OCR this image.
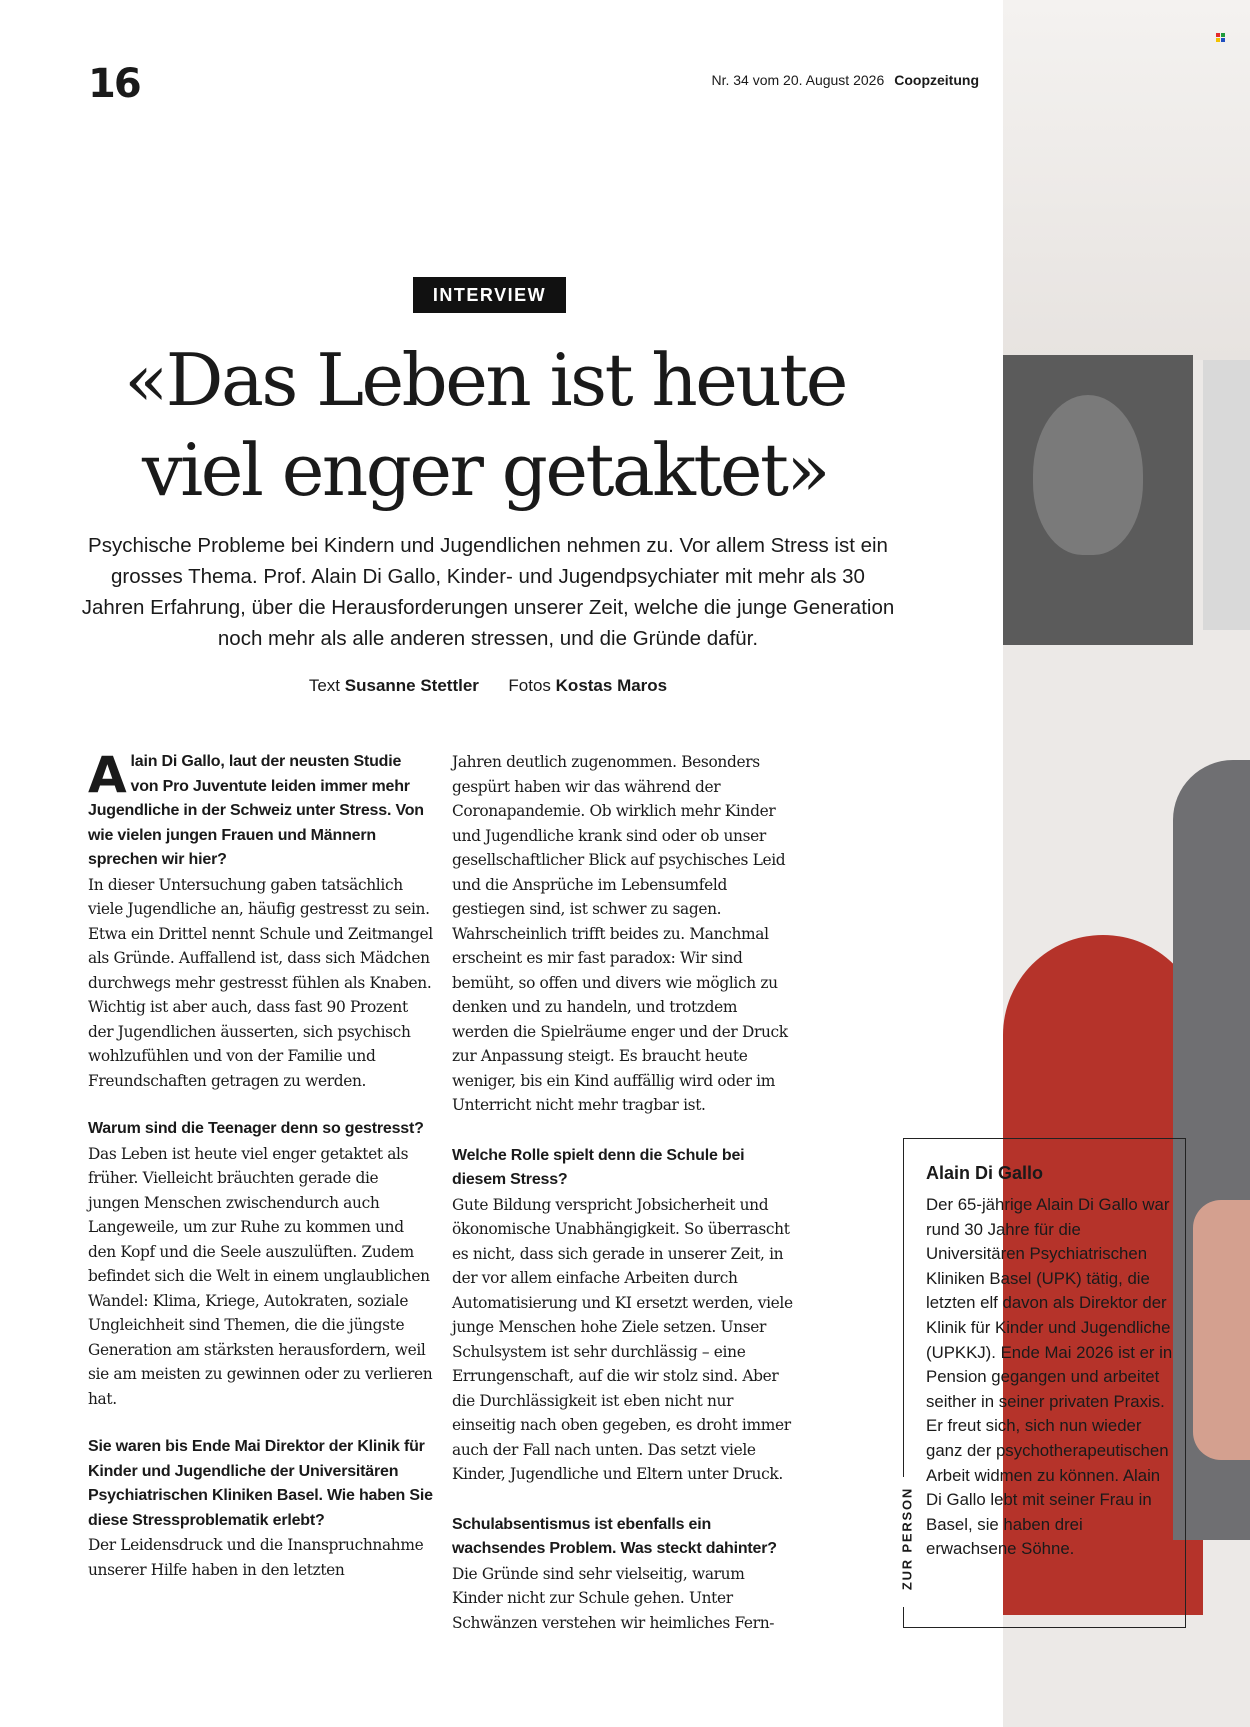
16	Nr. 34 vom 20. August 2026 Coopzeitung
INTERVIEW
«Das Leben ist heute
viel enger getaktet»

Psychische Probleme bei Kindern und Jugendlichen nehmen zu. Vor allem Stress ist ein grosses Thema. Prof. Alain Di Gallo, Kinder- und Jugendpsychiater mit mehr als 30 Jahren Erfahrung, über die Herausforderungen unserer Zeit, welche die junge Generation noch mehr als alle anderen stressen, und die Gründe dafür.

Text Susanne Stettler Fotos Kostas Maros

Alain Di Gallo, laut der neusten Studie von Pro Juventute leiden immer mehr Jugendliche in der Schweiz unter Stress. Von wie vielen jungen Frauen und Männern sprechen wir hier?

In dieser Untersuchung gaben tatsächlich viele Jugendliche an, häufig gestresst zu sein. Etwa ein Drittel nennt Schule und Zeitmangel als Gründe. Auffallend ist, dass sich Mädchen durchwegs mehr gestresst fühlen als Knaben. Wichtig ist aber auch, dass fast 90 Prozent der Jugendlichen äusserten, sich psychisch wohlzufühlen und von der Familie und Freundschaften getragen zu werden.

Warum sind die Teenager denn so gestresst?

Das Leben ist heute viel enger getaktet als früher. Vielleicht bräuchten gerade die jungen Menschen zwischendurch auch Langeweile, um zur Ruhe zu kommen und den Kopf und die Seele auszulüften. Zudem befindet sich die Welt in einem unglaublichen Wandel: Klima, Kriege, Autokraten, soziale Ungleichheit sind Themen, die die jüngste Generation am stärksten herausfordern, weil sie am meisten zu gewinnen oder zu verlieren hat.

Sie waren bis Ende Mai Direktor der Klinik für Kinder und Jugendliche der Universitären Psychiatrischen Kliniken Basel. Wie haben Sie diese Stressproblematik erlebt?

Der Leidensdruck und die Inanspruchnahme unserer Hilfe haben in den letzten

Jahren deutlich zugenommen. Besonders gespürt haben wir das während der Coronapandemie. Ob wirklich mehr Kinder und Jugendliche krank sind oder ob unser gesellschaftlicher Blick auf psychisches Leid und die Ansprüche im Lebensumfeld gestiegen sind, ist schwer zu sagen. Wahrscheinlich trifft beides zu. Manchmal erscheint es mir fast paradox: Wir sind bemüht, so offen und divers wie möglich zu denken und zu handeln, und trotzdem werden die Spielräume enger und der Druck zur Anpassung steigt. Es braucht heute weniger, bis ein Kind auffällig wird oder im Unterricht nicht mehr tragbar ist.

Welche Rolle spielt denn die Schule bei diesem Stress?

Gute Bildung verspricht Jobsicherheit und ökonomische Unabhängigkeit. So überrascht es nicht, dass sich gerade in unserer Zeit, in der vor allem einfache Arbeiten durch Automatisierung und KI ersetzt werden, viele junge Menschen hohe Ziele setzen. Unser Schulsystem ist sehr durchlässig – eine Errungenschaft, auf die wir stolz sind. Aber die Durchlässigkeit ist eben nicht nur einseitig nach oben gegeben, es droht immer auch der Fall nach unten. Das setzt viele Kinder, Jugendliche und Eltern unter Druck.

Schulabsentismus ist ebenfalls ein wachsendes Problem. Was steckt dahinter?

Die Gründe sind sehr vielseitig, warum Kinder nicht zur Schule gehen. Unter Schwänzen verstehen wir heimliches Fern-

Alain Di Gallo

Der 65-jährige Alain Di Gallo war rund 30 Jahre für die Universitären Psychiatrischen Kliniken Basel (UPK) tätig, die letzten elf davon als Direktor der Klinik für Kinder und Jugendliche (UPKKJ). Ende Mai 2026 ist er in Pension gegangen und arbeitet seither in seiner privaten Praxis. Er freut sich, sich nun wieder ganz der psychotherapeutischen Arbeit widmen zu können. Alain Di Gallo lebt mit seiner Frau in Basel, sie haben drei erwachsene Söhne.

ZUR PERSON
